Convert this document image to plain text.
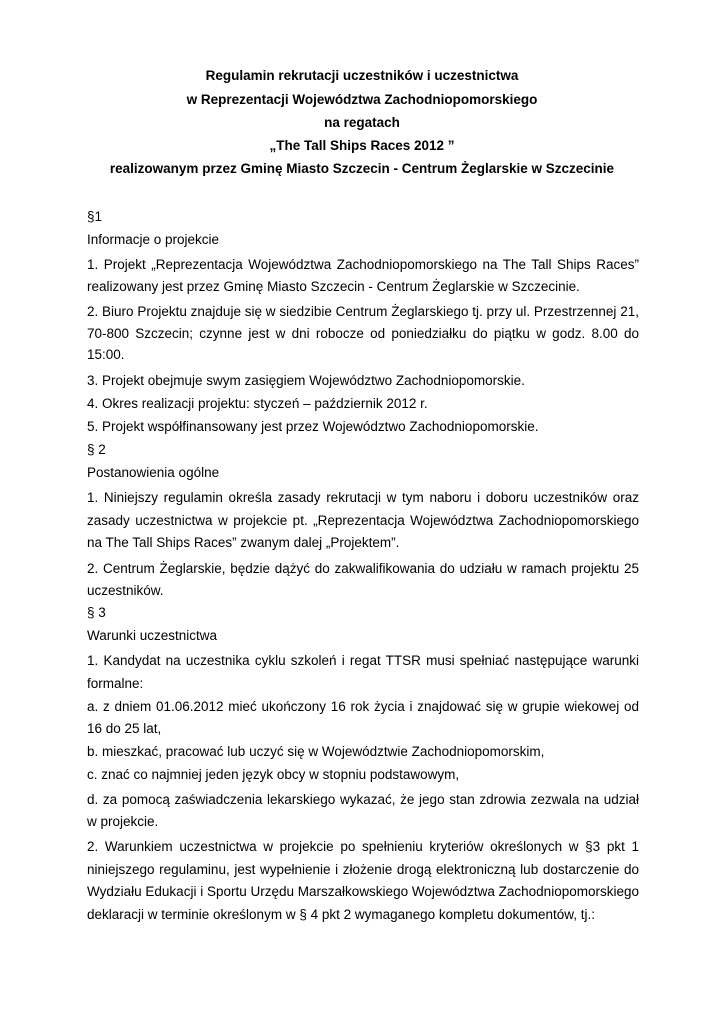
Regulamin rekrutacji uczestników i uczestnictwa
w Reprezentacji Województwa Zachodniopomorskiego
na regatach
„The Tall Ships Races 2012 ”
realizowanym przez Gminę Miasto Szczecin - Centrum Żeglarskie w Szczecinie
§1
Informacje o projekcie
1. Projekt „Reprezentacja Województwa Zachodniopomorskiego na The Tall Ships Races” realizowany jest przez Gminę Miasto Szczecin - Centrum Żeglarskie w Szczecinie.
2. Biuro Projektu znajduje się w siedzibie Centrum Żeglarskiego tj. przy ul. Przestrzennej 21, 70-800 Szczecin; czynne jest w dni robocze od poniedziałku do piątku w godz. 8.00 do 15:00.
3. Projekt obejmuje swym zasięgiem Województwo Zachodniopomorskie.
4. Okres realizacji projektu: styczeń – październik 2012 r.
5. Projekt współfinansowany jest przez Województwo Zachodniopomorskie.
§ 2
Postanowienia ogólne
1. Niniejszy regulamin określa zasady rekrutacji w tym naboru i doboru uczestników oraz zasady uczestnictwa w projekcie pt. „Reprezentacja Województwa Zachodniopomorskiego na The Tall Ships Races” zwanym dalej „Projektem”.
2. Centrum Żeglarskie, będzie dążyć do zakwalifikowania do udziału w ramach projektu 25 uczestników.
§ 3
Warunki uczestnictwa
1. Kandydat na uczestnika cyklu szkoleń i regat TTSR musi spełniać następujące warunki formalne:
a. z dniem 01.06.2012 mieć ukończony 16 rok życia i znajdować się w grupie wiekowej od 16 do 25 lat,
b. mieszkać, pracować lub uczyć się w Województwie Zachodniopomorskim,
c. znać co najmniej jeden język obcy w stopniu podstawowym,
d. za pomocą zaświadczenia lekarskiego wykazać, że jego stan zdrowia zezwala na udział w projekcie.
2. Warunkiem uczestnictwa w projekcie po spełnieniu kryteriów określonych w §3 pkt 1 niniejszego regulaminu, jest wypełnienie i złożenie drogą elektroniczną lub dostarczenie do Wydziału Edukacji i Sportu Urzędu Marszałkowskiego Województwa Zachodniopomorskiego deklaracji w terminie określonym w § 4 pkt 2 wymaganego kompletu dokumentów, tj.:
